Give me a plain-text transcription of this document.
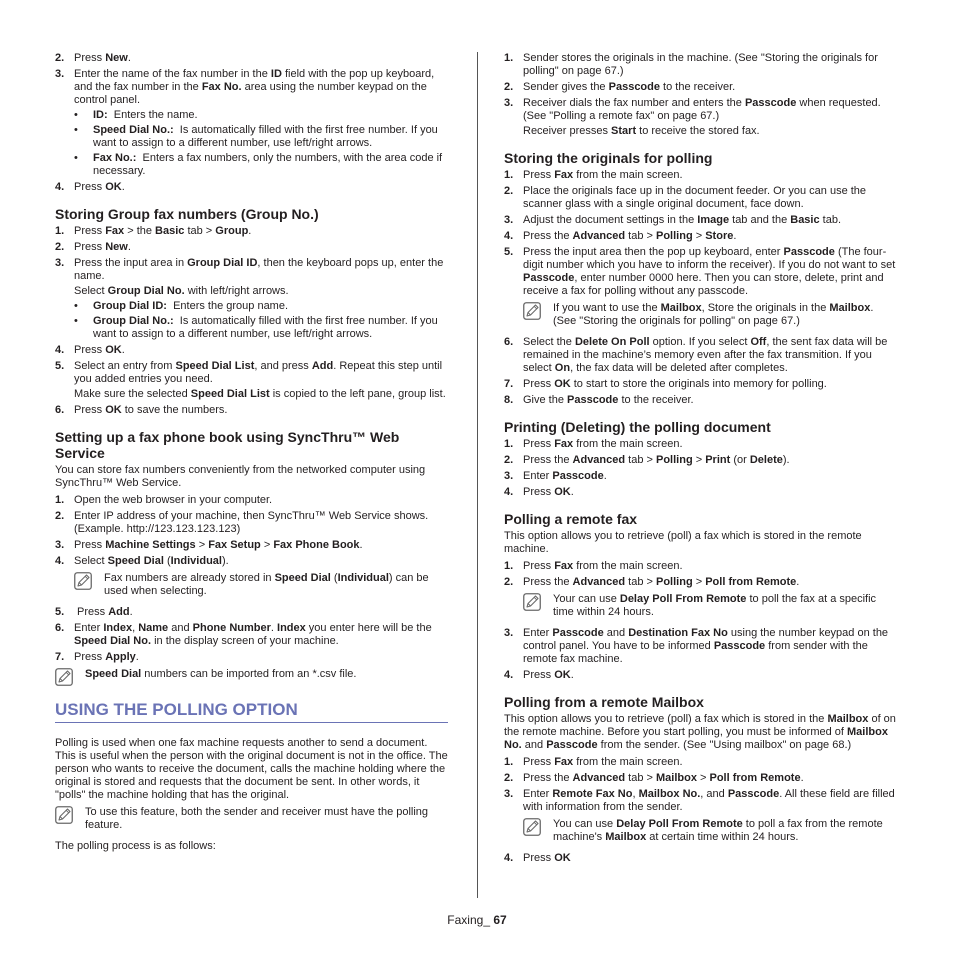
2. Press New.
3. Enter the name of the fax number in the ID field with the pop up keyboard, and the fax number in the Fax No. area using the number keypad on the control panel.
•	ID:  Enters the name.
•	Speed Dial No.:  Is automatically filled with the first free number. If you want to assign to a different number, use left/right arrows.
•	Fax No.:  Enters a fax numbers, only the numbers, with the area code if necessary.
4. Press OK.
Storing Group fax numbers (Group No.)
1. Press Fax > the Basic tab > Group.
2. Press New.
3. Press the input area in Group Dial ID, then the keyboard pops up, enter the name.
Select Group Dial No. with left/right arrows.
•	Group Dial ID:  Enters the group name.
•	Group Dial No.:  Is automatically filled with the first free number. If you want to assign to a different number, use left/right arrows.
4. Press OK.
5. Select an entry from Speed Dial List, and press Add. Repeat this step until you added entries you need.
Make sure the selected Speed Dial List is copied to the left pane, group list.
6. Press OK to save the numbers.
Setting up a fax phone book using SyncThru™ Web Service

You can store fax numbers conveniently from the networked computer using SyncThru™ Web Service.

1. Open the web browser in your computer.
2. Enter IP address of your machine, then SyncThru™ Web Service shows. (Example. http://123.123.123.123)
3. Press Machine Settings > Fax Setup > Fax Phone Book.
4. Select Speed Dial (Individual).
Fax numbers are already stored in Speed Dial (Individual) can be used when selecting.
5. Press Add.
6. Enter Index, Name and Phone Number. Index you enter here will be the Speed Dial No. in the display screen of your machine.
7. Press Apply.
Speed Dial numbers can be imported from an *.csv file.
USING THE POLLING OPTION

Polling is used when one fax machine requests another to send a document. This is useful when the person with the original document is not in the office. The person who wants to receive the document, calls the machine holding where the original is stored and requests that the document be sent. In other words, it "polls" the machine holding that has the original.

To use this feature, both the sender and receiver must have the polling feature.

The polling process is as follows:

1. Sender stores the originals in the machine. (See "Storing the originals for polling" on page 67.)
2. Sender gives the Passcode to the receiver.
3. Receiver dials the fax number and enters the Passcode when requested. (See "Polling a remote fax" on page 67.)
Receiver presses Start to receive the stored fax.
Storing the originals for polling
1. Press Fax from the main screen.
2. Place the originals face up in the document feeder. Or you can use the scanner glass with a single original document, face down.
3. Adjust the document settings in the Image tab and the Basic tab.
4. Press the Advanced tab > Polling > Store.
5. Press the input area then the pop up keyboard, enter Passcode (The four-digit number which you have to inform the receiver). If you do not want to set Passcode, enter number 0000 here. Then you can store, delete, print and receive a fax for polling without any passcode.
If you want to use the Mailbox, Store the originals in the Mailbox. (See "Storing the originals for polling" on page 67.)
6. Select the Delete On Poll option. If you select Off, the sent fax data will be remained in the machine’s memory even after the fax transmition. If you select On, the fax data will be deleted after completes.
7. Press OK to start to store the originals into memory for polling.
8. Give the Passcode to the receiver.
Printing (Deleting) the polling document
1. Press Fax from the main screen.
2. Press the Advanced tab > Polling > Print (or Delete).
3. Enter Passcode.
4. Press OK.
Polling a remote fax

This option allows you to retrieve (poll) a fax which is stored in the remote machine.

1. Press Fax from the main screen.
2. Press the Advanced tab > Polling > Poll from Remote.
Your can use Delay Poll From Remote to poll the fax at a specific time within 24 hours.
3. Enter Passcode and Destination Fax No using the number keypad on the control panel. You have to be informed Passcode from sender with the remote fax machine.
4. Press OK.
Polling from a remote Mailbox

This option allows you to retrieve (poll) a fax which is stored in the Mailbox of on the remote machine. Before you start polling, you must be informed of Mailbox No. and Passcode from the sender. (See "Using mailbox" on page 68.)

1. Press Fax from the main screen.
2. Press the Advanced tab > Mailbox > Poll from Remote.
3. Enter Remote Fax No, Mailbox No., and Passcode. All these field are filled with information from the sender.
You can use Delay Poll From Remote to poll a fax from the remote machine's Mailbox at certain time within 24 hours.
4. Press OK
Faxing_ 67
